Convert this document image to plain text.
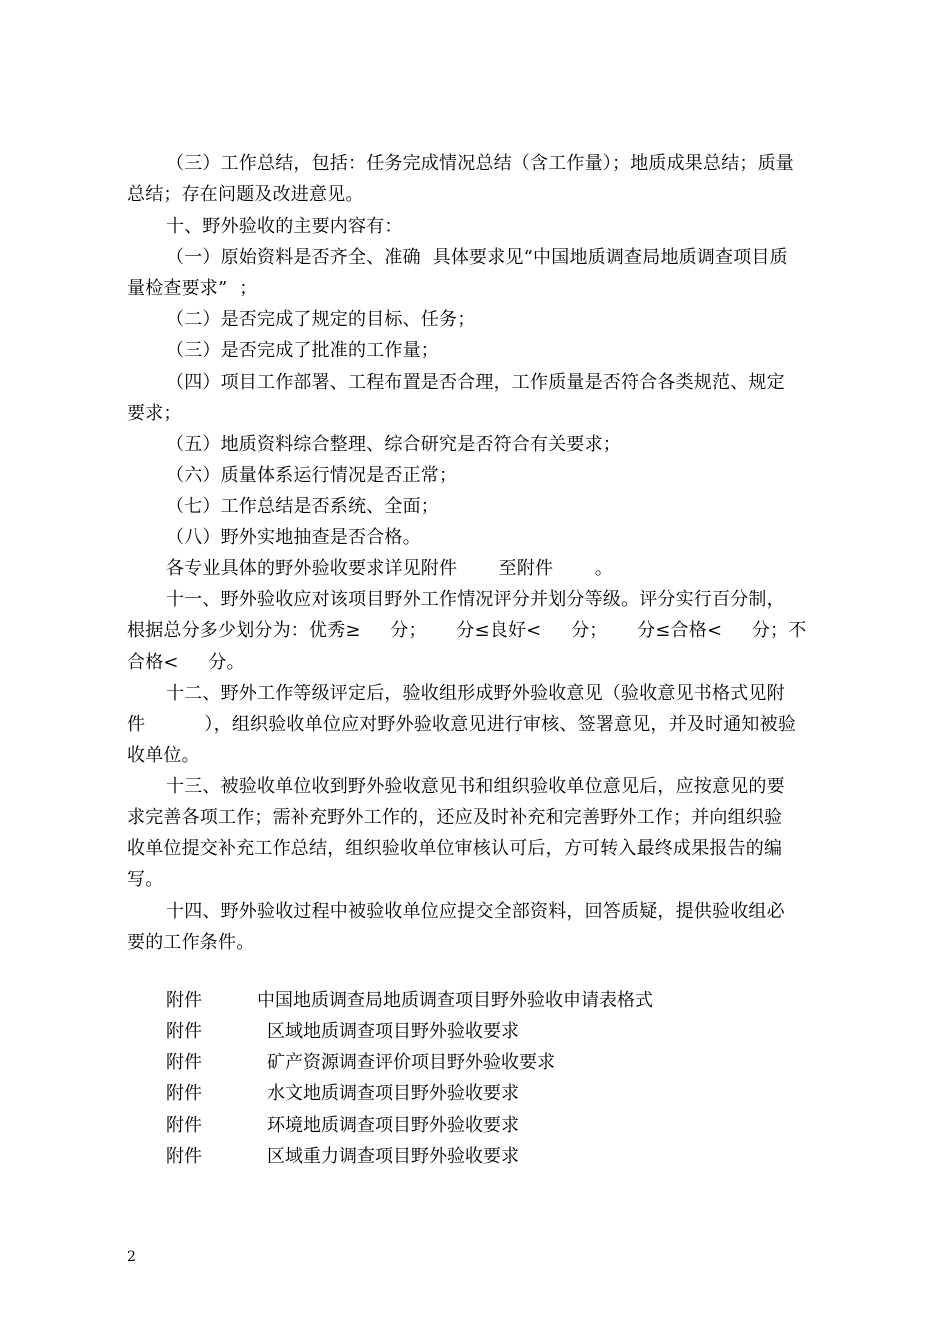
（三）工作总结，包括：任务完成情况总结（含工作量）；地质成果总结；质量
总结；存在问题及改进意见。
十、野外验收的主要内容有：
（一）原始资料是否齐全、准确  具体要求见“中国地质调查局地质调查项目质
量检查要求”  ；
（二）是否完成了规定的目标、任务；
（三）是否完成了批准的工作量；
（四）项目工作部署、工程布置是否合理，工作质量是否符合各类规范、规定
要求；
（五）地质资料综合整理、综合研究是否符合有关要求；
（六）质量体系运行情况是否正常；
（七）工作总结是否系统、全面；
（八）野外实地抽查是否合格。
各专业具体的野外验收要求详见附件       至附件       。
十一、野外验收应对该项目野外工作情况评分并划分等级。评分实行百分制，
根据总分多少划分为：优秀≥     分；     分≤良好<     分；     分≤合格<     分；不
合格<     分。
十二、野外工作等级评定后，验收组形成野外验收意见（验收意见书格式见附
件          ），组织验收单位应对野外验收意见进行审核、签署意见，并及时通知被验
收单位。
十三、被验收单位收到野外验收意见书和组织验收单位意见后，应按意见的要
求完善各项工作；需补充野外工作的，还应及时补充和完善野外工作；并向组织验
收单位提交补充工作总结，组织验收单位审核认可后，方可转入最终成果报告的编
写。
十四、野外验收过程中被验收单位应提交全部资料，回答质疑，提供验收组必
要的工作条件。
附件	中国地质调查局地质调查项目野外验收申请表格式
附件	区域地质调查项目野外验收要求
附件	矿产资源调查评价项目野外验收要求
附件	水文地质调查项目野外验收要求
附件	环境地质调查项目野外验收要求
附件	区域重力调查项目野外验收要求
2
